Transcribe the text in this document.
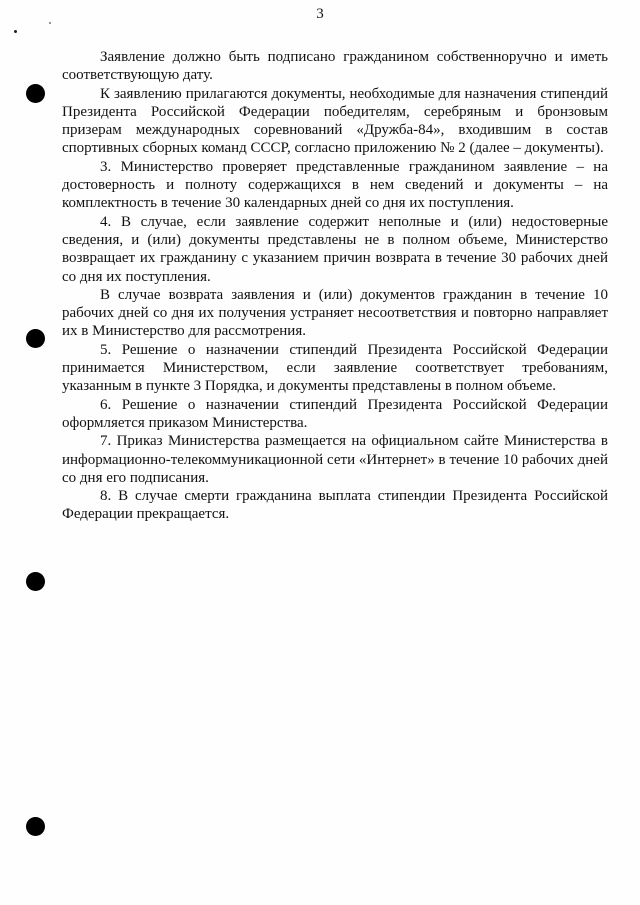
3

Заявление должно быть подписано гражданином собственноручно и иметь соответствующую дату.

К заявлению прилагаются документы, необходимые для назначения стипендий Президента Российской Федерации победителям, серебряным и бронзовым призерам международных соревнований «Дружба-84», входившим в состав спортивных сборных команд СССР, согласно приложению № 2 (далее – документы).

3. Министерство проверяет представленные гражданином заявление – на достоверность и полноту содержащихся в нем сведений и документы – на комплектность в течение 30 календарных дней со дня их поступления.

4. В случае, если заявление содержит неполные и (или) недостоверные сведения, и (или) документы представлены не в полном объеме, Министерство возвращает их гражданину с указанием причин возврата в течение 30 рабочих дней со дня их поступления.

В случае возврата заявления и (или) документов гражданин в течение 10 рабочих дней со дня их получения устраняет несоответствия и повторно направляет их в Министерство для рассмотрения.

5. Решение о назначении стипендий Президента Российской Федерации принимается Министерством, если заявление соответствует требованиям, указанным в пункте 3 Порядка, и документы представлены в полном объеме.

6. Решение о назначении стипендий Президента Российской Федерации оформляется приказом Министерства.

7. Приказ Министерства размещается на официальном сайте Министерства в информационно-телекоммуникационной сети «Интернет» в течение 10 рабочих дней со дня его подписания.

8. В случае смерти гражданина выплата стипендии Президента Российской Федерации прекращается.
